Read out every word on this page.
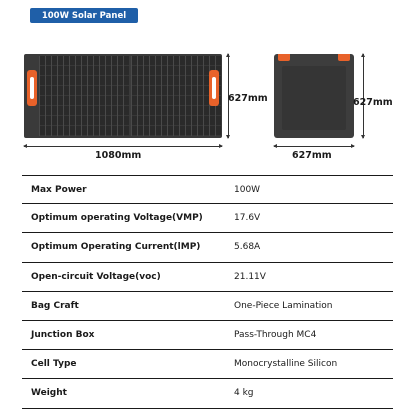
100W Solar Panel
627mm
1080mm
627mm
627mm
Max Power	100W
Optimum operating Voltage(VMP)	17.6V
Optimum Operating Current(lMP)	5.68A
Open-circuit Voltage(voc)	21.11V
Bag Craft	One-Piece Lamination
Junction Box	Pass-Through MC4
Cell Type	Monocrystalline Silicon
Weight	4 kg
